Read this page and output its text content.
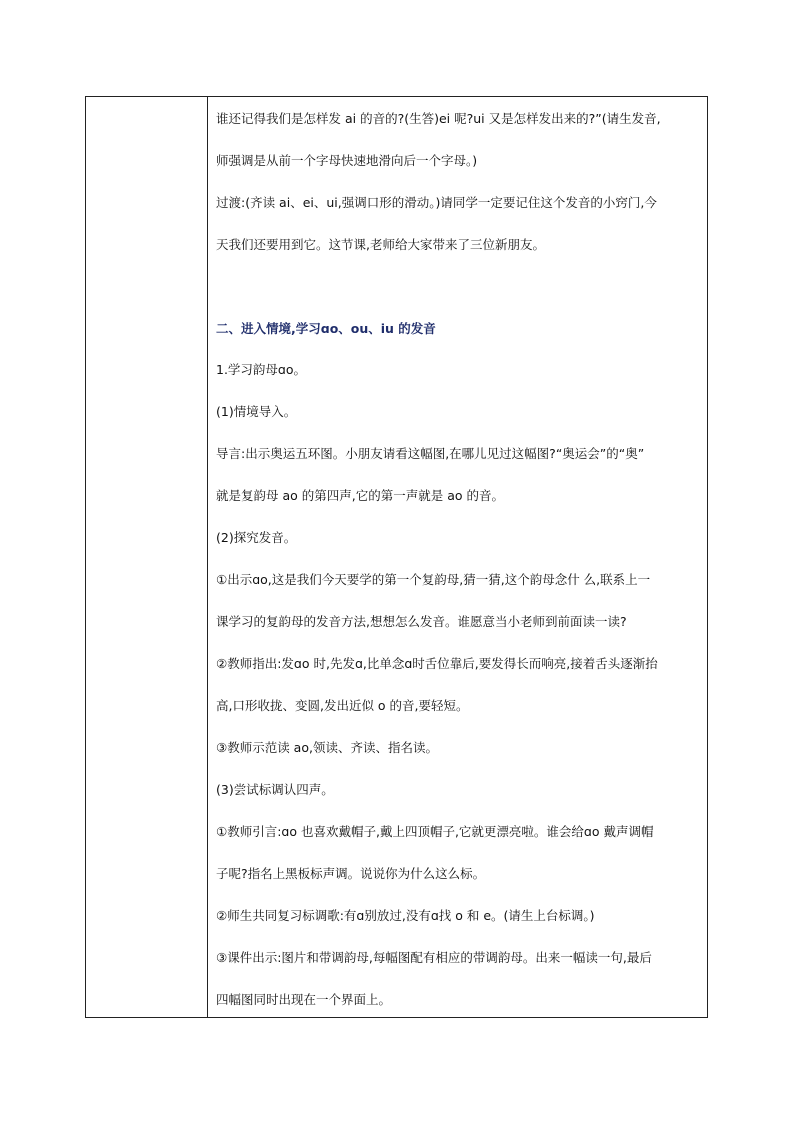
谁还记得我们是怎样发 ai 的音的?(生答)ei 呢?ui 又是怎样发出来的?”(请生发音,
师强调是从前一个字母快速地滑向后一个字母。)
过渡:(齐读 ai、ei、ui,强调口形的滑动。)请同学一定要记住这个发音的小窍门,今
天我们还要用到它。这节课,老师给大家带来了三位新朋友。
二、进入情境,学习ɑo、ou、iu 的发音
1.学习韵母ɑo。
(1)情境导入。
导言:出示奥运五环图。小朋友请看这幅图,在哪儿见过这幅图?“奥运会”的“奥”
就是复韵母 ao 的第四声,它的第一声就是 ao 的音。
(2)探究发音。
①出示ɑo,这是我们今天要学的第一个复韵母,猜一猜,这个韵母念什 么,联系上一
课学习的复韵母的发音方法,想想怎么发音。谁愿意当小老师到前面读一读?
②教师指出:发ɑo 时,先发ɑ,比单念ɑ时舌位靠后,要发得长而响亮,接着舌头逐渐抬
高,口形收拢、变圆,发出近似 o 的音,要轻短。
③教师示范读 ao,领读、齐读、指名读。
(3)尝试标调认四声。
①教师引言:ɑo 也喜欢戴帽子,戴上四顶帽子,它就更漂亮啦。谁会给ɑo 戴声调帽
子呢?指名上黑板标声调。说说你为什么这么标。
②师生共同复习标调歌:有ɑ别放过,没有ɑ找 o 和 e。(请生上台标调。)
③课件出示:图片和带调韵母,每幅图配有相应的带调韵母。出来一幅读一句,最后
四幅图同时出现在一个界面上。
